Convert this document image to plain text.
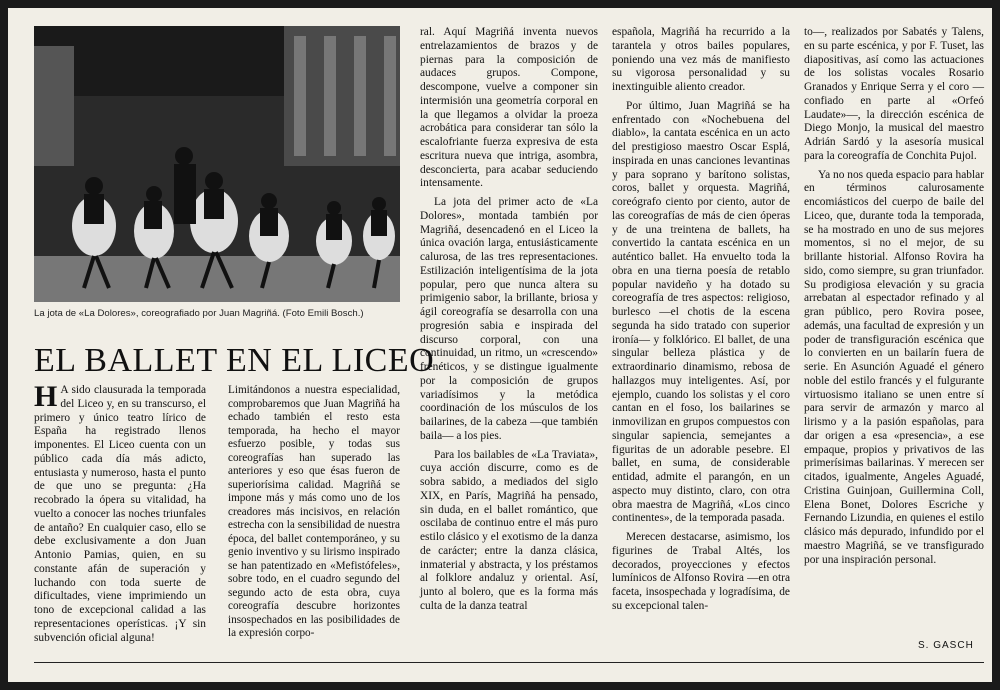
La jota de «La Dolores», coreografiado por Juan Magriñá. (Foto Emili Bosch.)
EL BALLET EN EL LICEO

H A sido clausurada la temporada del Liceo y, en su transcurso, el primero y único teatro lírico de España ha registrado llenos imponentes. El Liceo cuenta con un público cada día más adicto, entusiasta y numeroso, hasta el punto de que uno se pregunta: ¿Ha recobrado la ópera su vitalidad, ha vuelto a conocer las noches triunfales de antaño? En cualquier caso, ello se debe exclusivamente a don Juan Antonio Pamias, quien, en su constante afán de superación y luchando con toda suerte de dificultades, viene imprimiendo un tono de excepcional calidad a las representaciones operísticas. ¡Y sin subvención oficial alguna!

Limitándonos a nuestra especialidad, comprobaremos que Juan Magriñá ha echado también el resto esta temporada, ha hecho el mayor esfuerzo posible, y todas sus coreografías han superado las anteriores y eso que ésas fueron de superiorísima calidad. Magriñá se impone más y más como uno de los creadores más incisivos, en relación estrecha con la sensibilidad de nuestra época, del ballet contemporáneo, y su genio inventivo y su lirismo inspirado se han patentizado en «Mefistófeles», sobre todo, en el cuadro segundo del segundo acto de esta obra, cuya coreografía descubre horizontes insospechados en las posibilidades de la expresión corpo-

ral. Aquí Magriñá inventa nuevos entrelazamientos de brazos y de piernas para la composición de audaces grupos. Compone, descompone, vuelve a componer sin intermisión una geometría corporal en la que llegamos a olvidar la proeza acrobática para considerar tan sólo la escalofriante fuerza expresiva de esta escritura nueva que intriga, asombra, desconcierta, para acabar seduciendo intensamente.

La jota del primer acto de «La Dolores», montada también por Magriñá, desencadenó en el Liceo la única ovación larga, entusiásticamente calurosa, de las tres representaciones. Estilización inteligentísima de la jota popular, pero que nunca altera su primigenio sabor, la brillante, briosa y ágil coreografía se desarrolla con una progresión sabia e inspirada del discurso corporal, con una continuidad, un ritmo, un «crescendo» frenéticos, y se distingue igualmente por la composición de grupos variadísimos y la metódica coordinación de los músculos de los bailarines, de la cabeza —que también baila— a los pies.

Para los bailables de «La Traviata», cuya acción discurre, como es de sobra sabido, a mediados del siglo XIX, en París, Magriñá ha pensado, sin duda, en el ballet romántico, que oscilaba de continuo entre el más puro estilo clásico y el exotismo de la danza de carácter; entre la danza clásica, inmaterial y abstracta, y los préstamos al folklore andaluz y oriental. Así, junto al bolero, que es la forma más culta de la danza teatral

española, Magriñá ha recurrido a la tarantela y otros bailes populares, poniendo una vez más de manifiesto su vigorosa personalidad y su inextinguible aliento creador.

Por último, Juan Magriñá se ha enfrentado con «Nochebuena del diablo», la cantata escénica en un acto del prestigioso maestro Oscar Esplá, inspirada en unas canciones levantinas y para soprano y barítono solistas, coros, ballet y orquesta. Magriñá, coreógrafo ciento por ciento, autor de las coreografías de más de cien óperas y de una treintena de ballets, ha convertido la cantata escénica en un auténtico ballet. Ha envuelto toda la obra en una tierna poesía de retablo popular navideño y ha dotado su coreografía de tres aspectos: religioso, burlesco —el chotis de la escena segunda ha sido tratado con superior ironía— y folklórico. El ballet, de una singular belleza plástica y de extraordinario dinamismo, rebosa de hallazgos muy inteligentes. Así, por ejemplo, cuando los solistas y el coro cantan en el foso, los bailarines se inmovilizan en grupos compuestos con singular sapiencia, semejantes a figuritas de un adorable pesebre. El ballet, en suma, de considerable entidad, admite el parangón, en un aspecto muy distinto, claro, con otra obra maestra de Magriñá, «Los cinco continentes», de la temporada pasada.

Merecen destacarse, asimismo, los figurines de Trabal Altés, los decorados, proyecciones y efectos lumínicos de Alfonso Rovira —en otra faceta, insospechada y logradísima, de su excepcional talen-

to—, realizados por Sabatés y Talens, en su parte escénica, y por F. Tuset, las diapositivas, así como las actuaciones de los solistas vocales Rosario Granados y Enrique Serra y el coro —confiado en parte al «Orfeó Laudate»—, la dirección escénica de Diego Monjo, la musical del maestro Adrián Sardó y la asesoría musical para la coreografía de Conchita Pujol.

Ya no nos queda espacio para hablar en términos calurosamente encomiásticos del cuerpo de baile del Liceo, que, durante toda la temporada, se ha mostrado en uno de sus mejores momentos, si no el mejor, de su brillante historial. Alfonso Rovira ha sido, como siempre, su gran triunfador. Su prodigiosa elevación y su gracia arrebatan al espectador refinado y al gran público, pero Rovira posee, además, una facultad de expresión y un poder de transfiguración escénica que lo convierten en un bailarín fuera de serie. En Asunción Aguadé el género noble del estilo francés y el fulgurante virtuosismo italiano se unen entre sí para servir de armazón y marco al lirismo y a la pasión españolas, para dar origen a esa «presencia», a ese empaque, propios y privativos de las primerísimas bailarinas. Y merecen ser citados, igualmente, Angeles Aguadé, Cristina Guinjoan, Guillermina Coll, Elena Bonet, Dolores Escriche y Fernando Lizundia, en quienes el estilo clásico más depurado, infundido por el maestro Magriñá, se ve transfigurado por una inspiración personal.

S. GASCH
